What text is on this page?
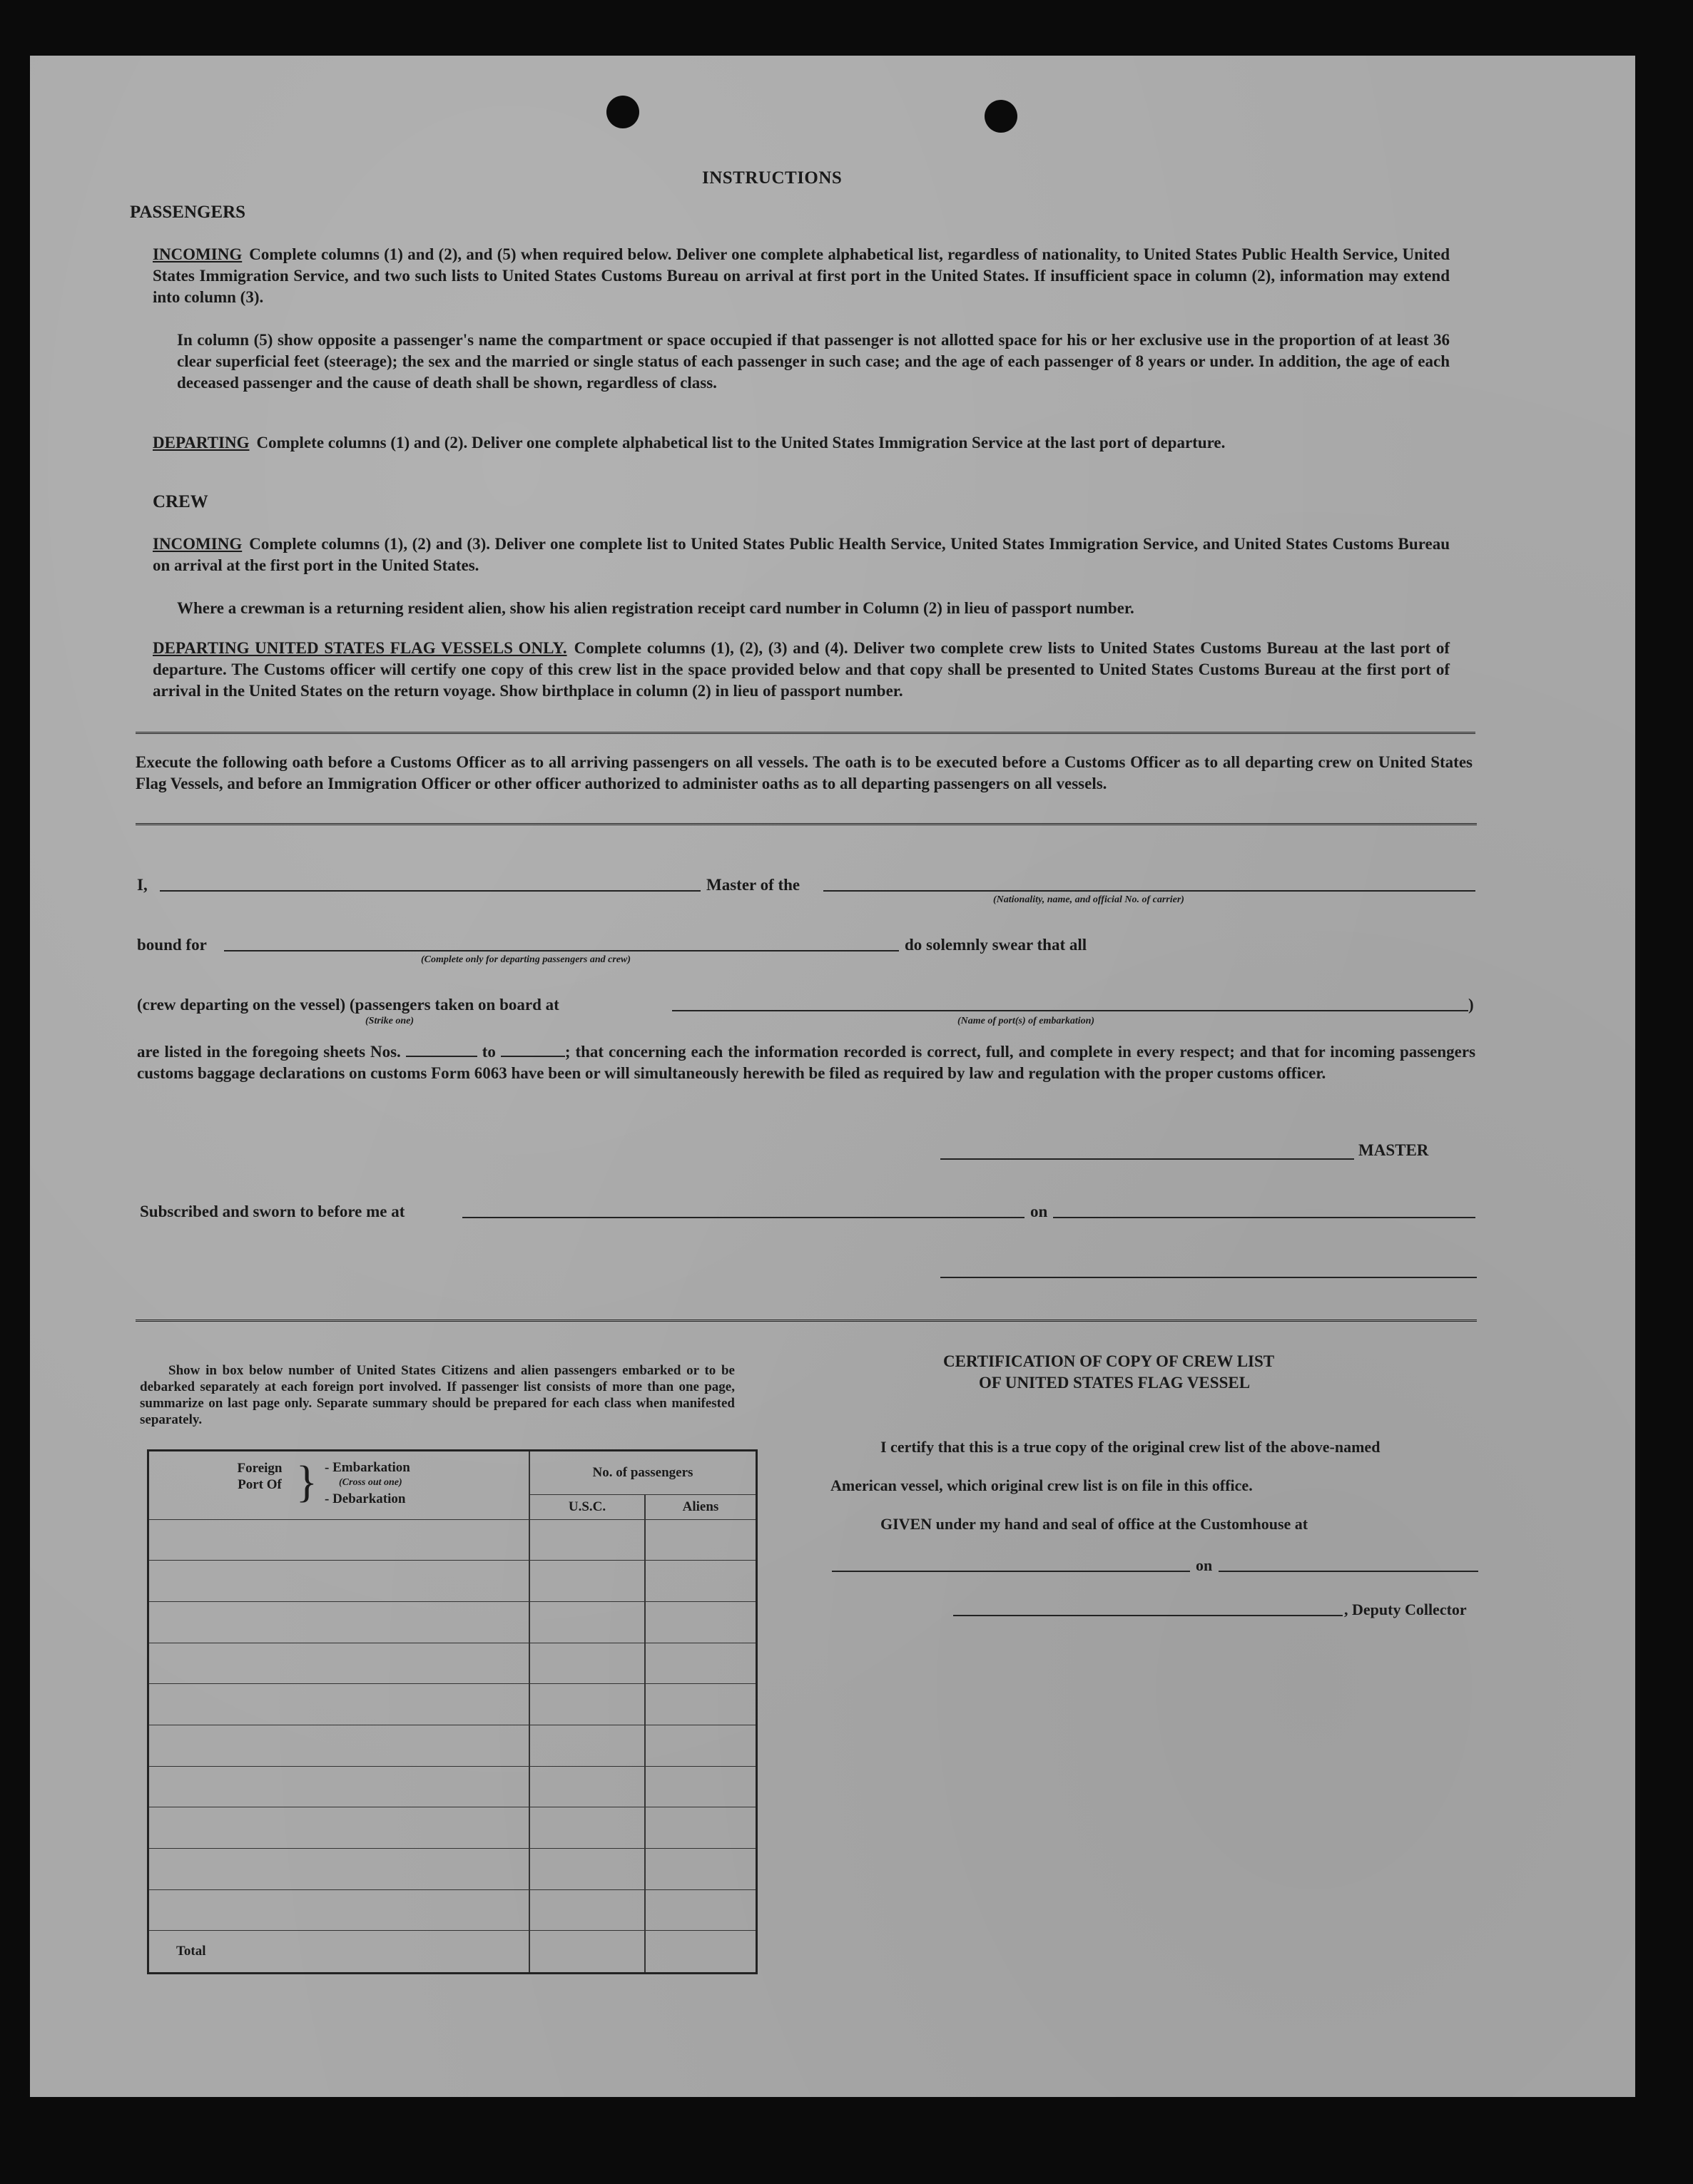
INSTRUCTIONS
PASSENGERS
INCOMING Complete columns (1) and (2), and (5) when required below. Deliver one complete alphabetical list, regardless of nationality, to United States Public Health Service, United States Immigration Service, and two such lists to United States Customs Bureau on arrival at first port in the United States. If insufficient space in column (2), information may extend into column (3).
In column (5) show opposite a passenger's name the compartment or space occupied if that passenger is not allotted space for his or her exclusive use in the proportion of at least 36 clear superficial feet (steerage); the sex and the married or single status of each passenger in such case; and the age of each passenger of 8 years or under. In addition, the age of each deceased passenger and the cause of death shall be shown, regardless of class.
DEPARTING Complete columns (1) and (2). Deliver one complete alphabetical list to the United States Immigration Service at the last port of departure.
CREW
INCOMING Complete columns (1), (2) and (3). Deliver one complete list to United States Public Health Service, United States Immigration Service, and United States Customs Bureau on arrival at the first port in the United States.
Where a crewman is a returning resident alien, show his alien registration receipt card number in Column (2) in lieu of passport number.
DEPARTING UNITED STATES FLAG VESSELS ONLY. Complete columns (1), (2), (3) and (4). Deliver two complete crew lists to United States Customs Bureau at the last port of departure. The Customs officer will certify one copy of this crew list in the space provided below and that copy shall be presented to United States Customs Bureau at the first port of arrival in the United States on the return voyage. Show birthplace in column (2) in lieu of passport number.
Execute the following oath before a Customs Officer as to all arriving passengers on all vessels. The oath is to be executed before a Customs Officer as to all departing crew on United States Flag Vessels, and before an Immigration Officer or other officer authorized to administer oaths as to all departing passengers on all vessels.
I,	Master of the
(Nationality, name, and official No. of carrier)
bound for
(Complete only for departing passengers and crew)
do solemnly swear that all
(crew departing on the vessel) (passengers taken on board at
(Strike one)
)
(Name of port(s) of embarkation)
are listed in the foregoing sheets Nos.	to	; that concerning each the information recorded is correct, full, and complete in every respect; and that for incoming passengers customs baggage declarations on customs Form 6063 have been or will simultaneously herewith be filed as required by law and regulation with the proper customs officer.
MASTER
Subscribed and sworn to before me at	on
Show in box below number of United States Citizens and alien passengers embarked or to be debarked separately at each foreign port involved. If passenger list consists of more than one page, summarize on last page only. Separate summary should be prepared for each class when manifested separately.
Foreign Port Of } - Embarkation
(Cross out one)
- Debarkation	No. of passengers	
	U.S.C.	Aliens

Total		
CERTIFICATION OF COPY OF CREW LIST
OF UNITED STATES FLAG VESSEL
I certify that this is a true copy of the original crew list of the above-named
American vessel, which original crew list is on file in this office.
GIVEN under my hand and seal of office at the Customhouse at
on
, Deputy Collector
